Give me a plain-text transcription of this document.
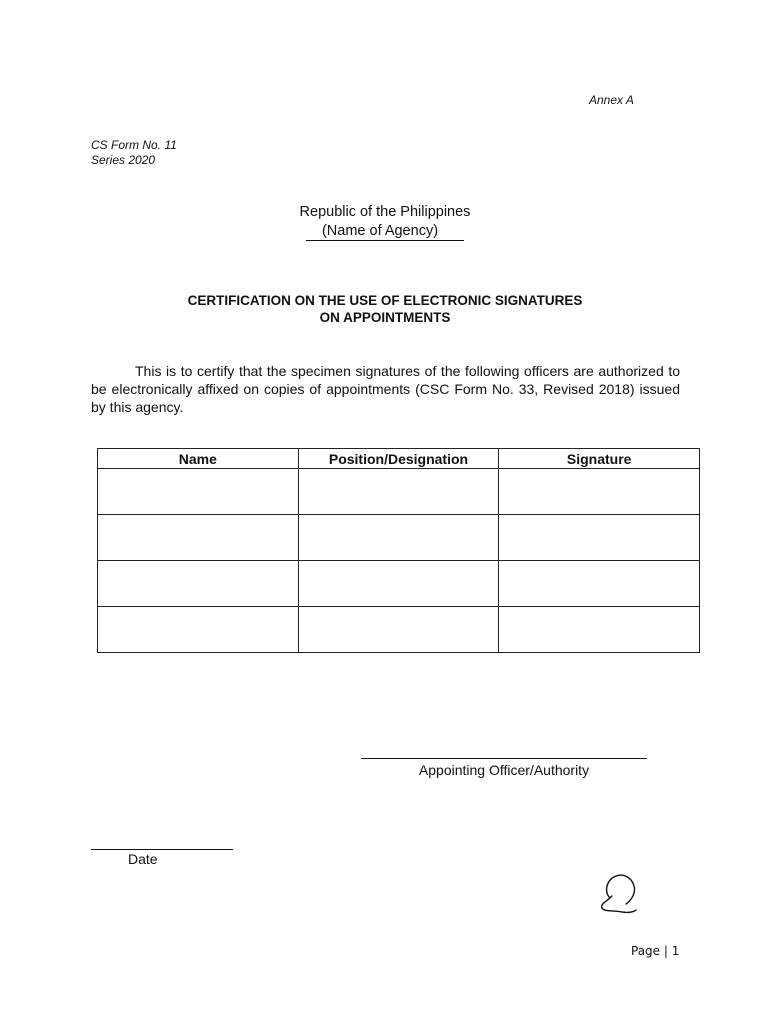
Annex A
CS Form No. 11
Series 2020
Republic of the Philippines
(Name of Agency)
CERTIFICATION ON THE USE OF ELECTRONIC SIGNATURES
ON APPOINTMENTS
This is to certify that the specimen signatures of the following officers are authorized to be electronically affixed on copies of appointments (CSC Form No. 33, Revised 2018) issued by this agency.
Name	Position/Designation	Signature

Appointing Officer/Authority
Date
Page | 1
